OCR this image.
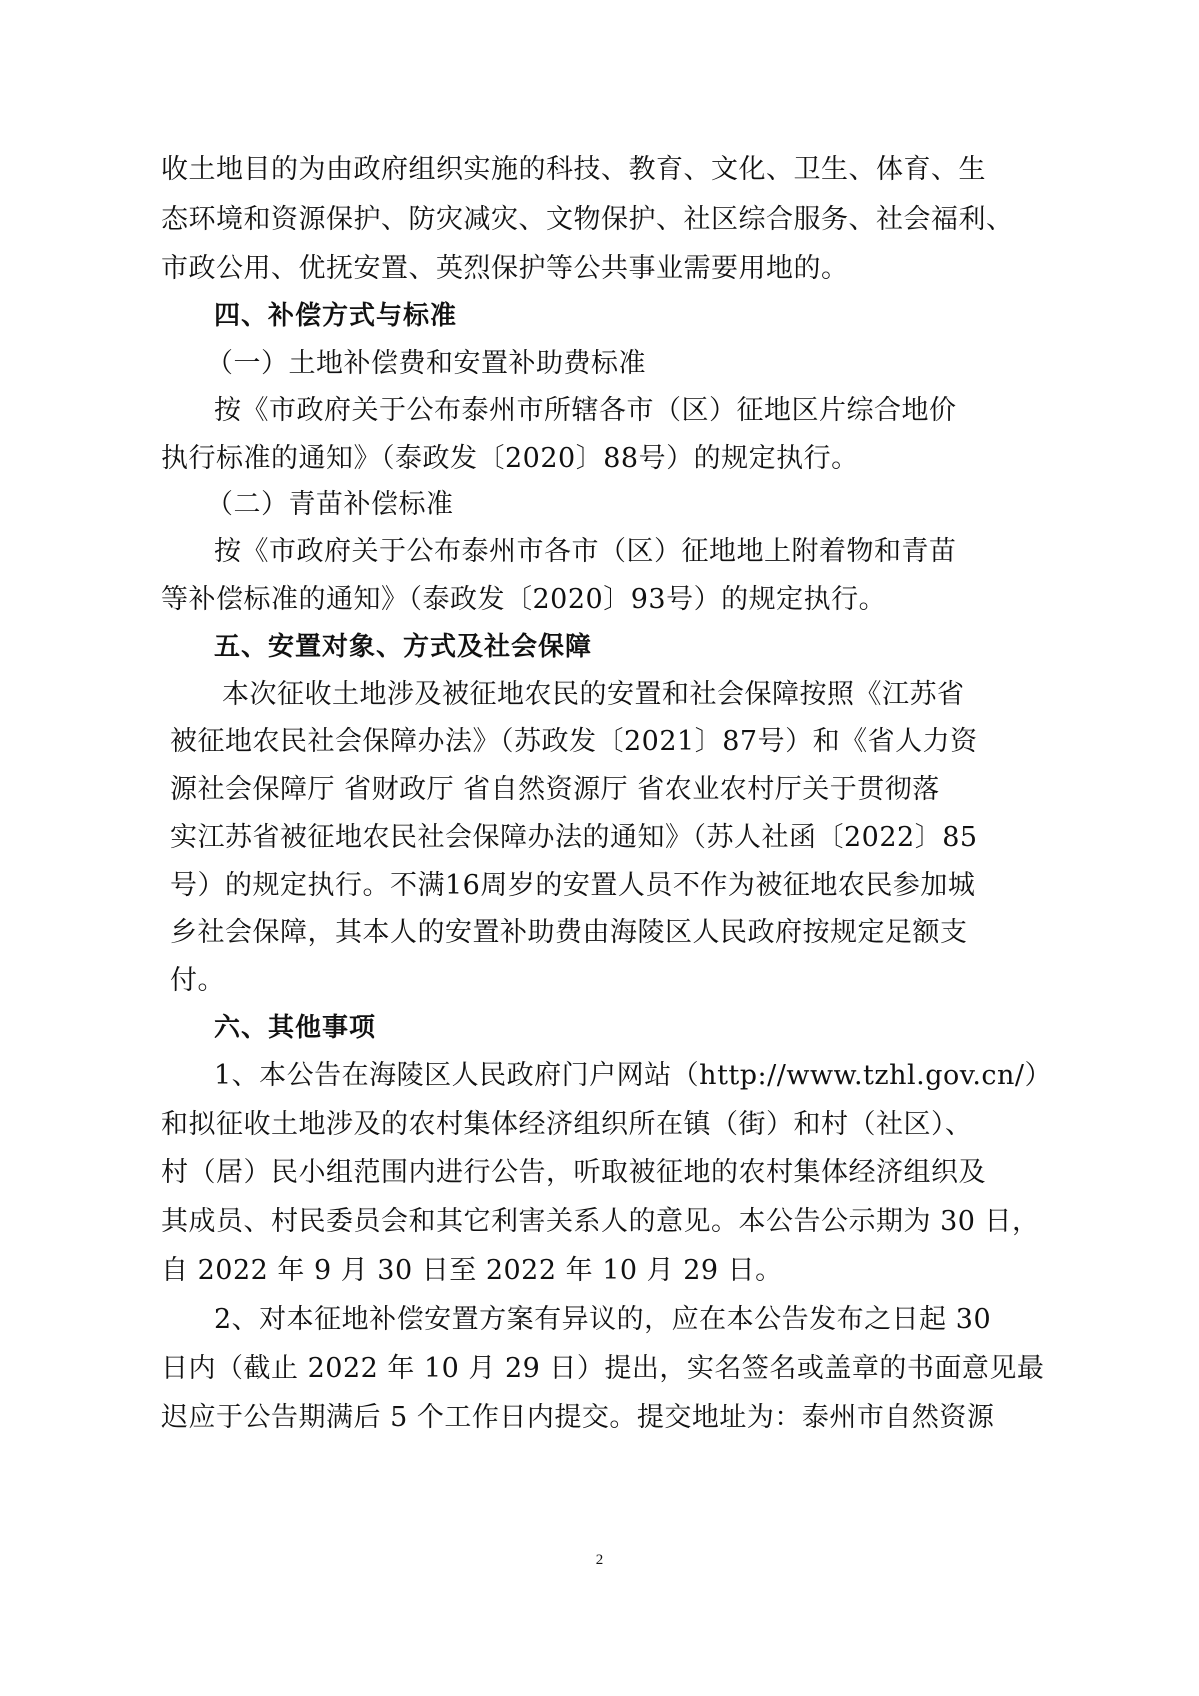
收土地目的为由政府组织实施的科技、教育、文化、卫生、体育、生
态环境和资源保护、防灾减灾、文物保护、社区综合服务、社会福利、
市政公用、优抚安置、英烈保护等公共事业需要用地的。
四、补偿方式与标准
（一）土地补偿费和安置补助费标准
按《市政府关于公布泰州市所辖各市（区）征地区片综合地价
执行标准的通知》（泰政发〔2020〕88号）的规定执行。
（二）青苗补偿标准
按《市政府关于公布泰州市各市（区）征地地上附着物和青苗
等补偿标准的通知》（泰政发〔2020〕93号）的规定执行。
五、安置对象、方式及社会保障
本次征收土地涉及被征地农民的安置和社会保障按照《江苏省
被征地农民社会保障办法》（苏政发〔2021〕87号）和《省人力资
源社会保障厅 省财政厅 省自然资源厅 省农业农村厅关于贯彻落
实江苏省被征地农民社会保障办法的通知》（苏人社函〔2022〕85
号）的规定执行。不满16周岁的安置人员不作为被征地农民参加城
乡社会保障，其本人的安置补助费由海陵区人民政府按规定足额支
付。
六、其他事项
1、本公告在海陵区人民政府门户网站（http://www.tzhl.gov.cn/）
和拟征收土地涉及的农村集体经济组织所在镇（街）和村（社区）、
村（居）民小组范围内进行公告，听取被征地的农村集体经济组织及
其成员、村民委员会和其它利害关系人的意见。本公告公示期为 30 日，
自 2022 年 9 月 30 日至 2022 年 10 月 29 日。
2、对本征地补偿安置方案有异议的，应在本公告发布之日起 30
日内（截止 2022 年 10 月 29 日）提出，实名签名或盖章的书面意见最
迟应于公告期满后 5 个工作日内提交。提交地址为：泰州市自然资源
2
